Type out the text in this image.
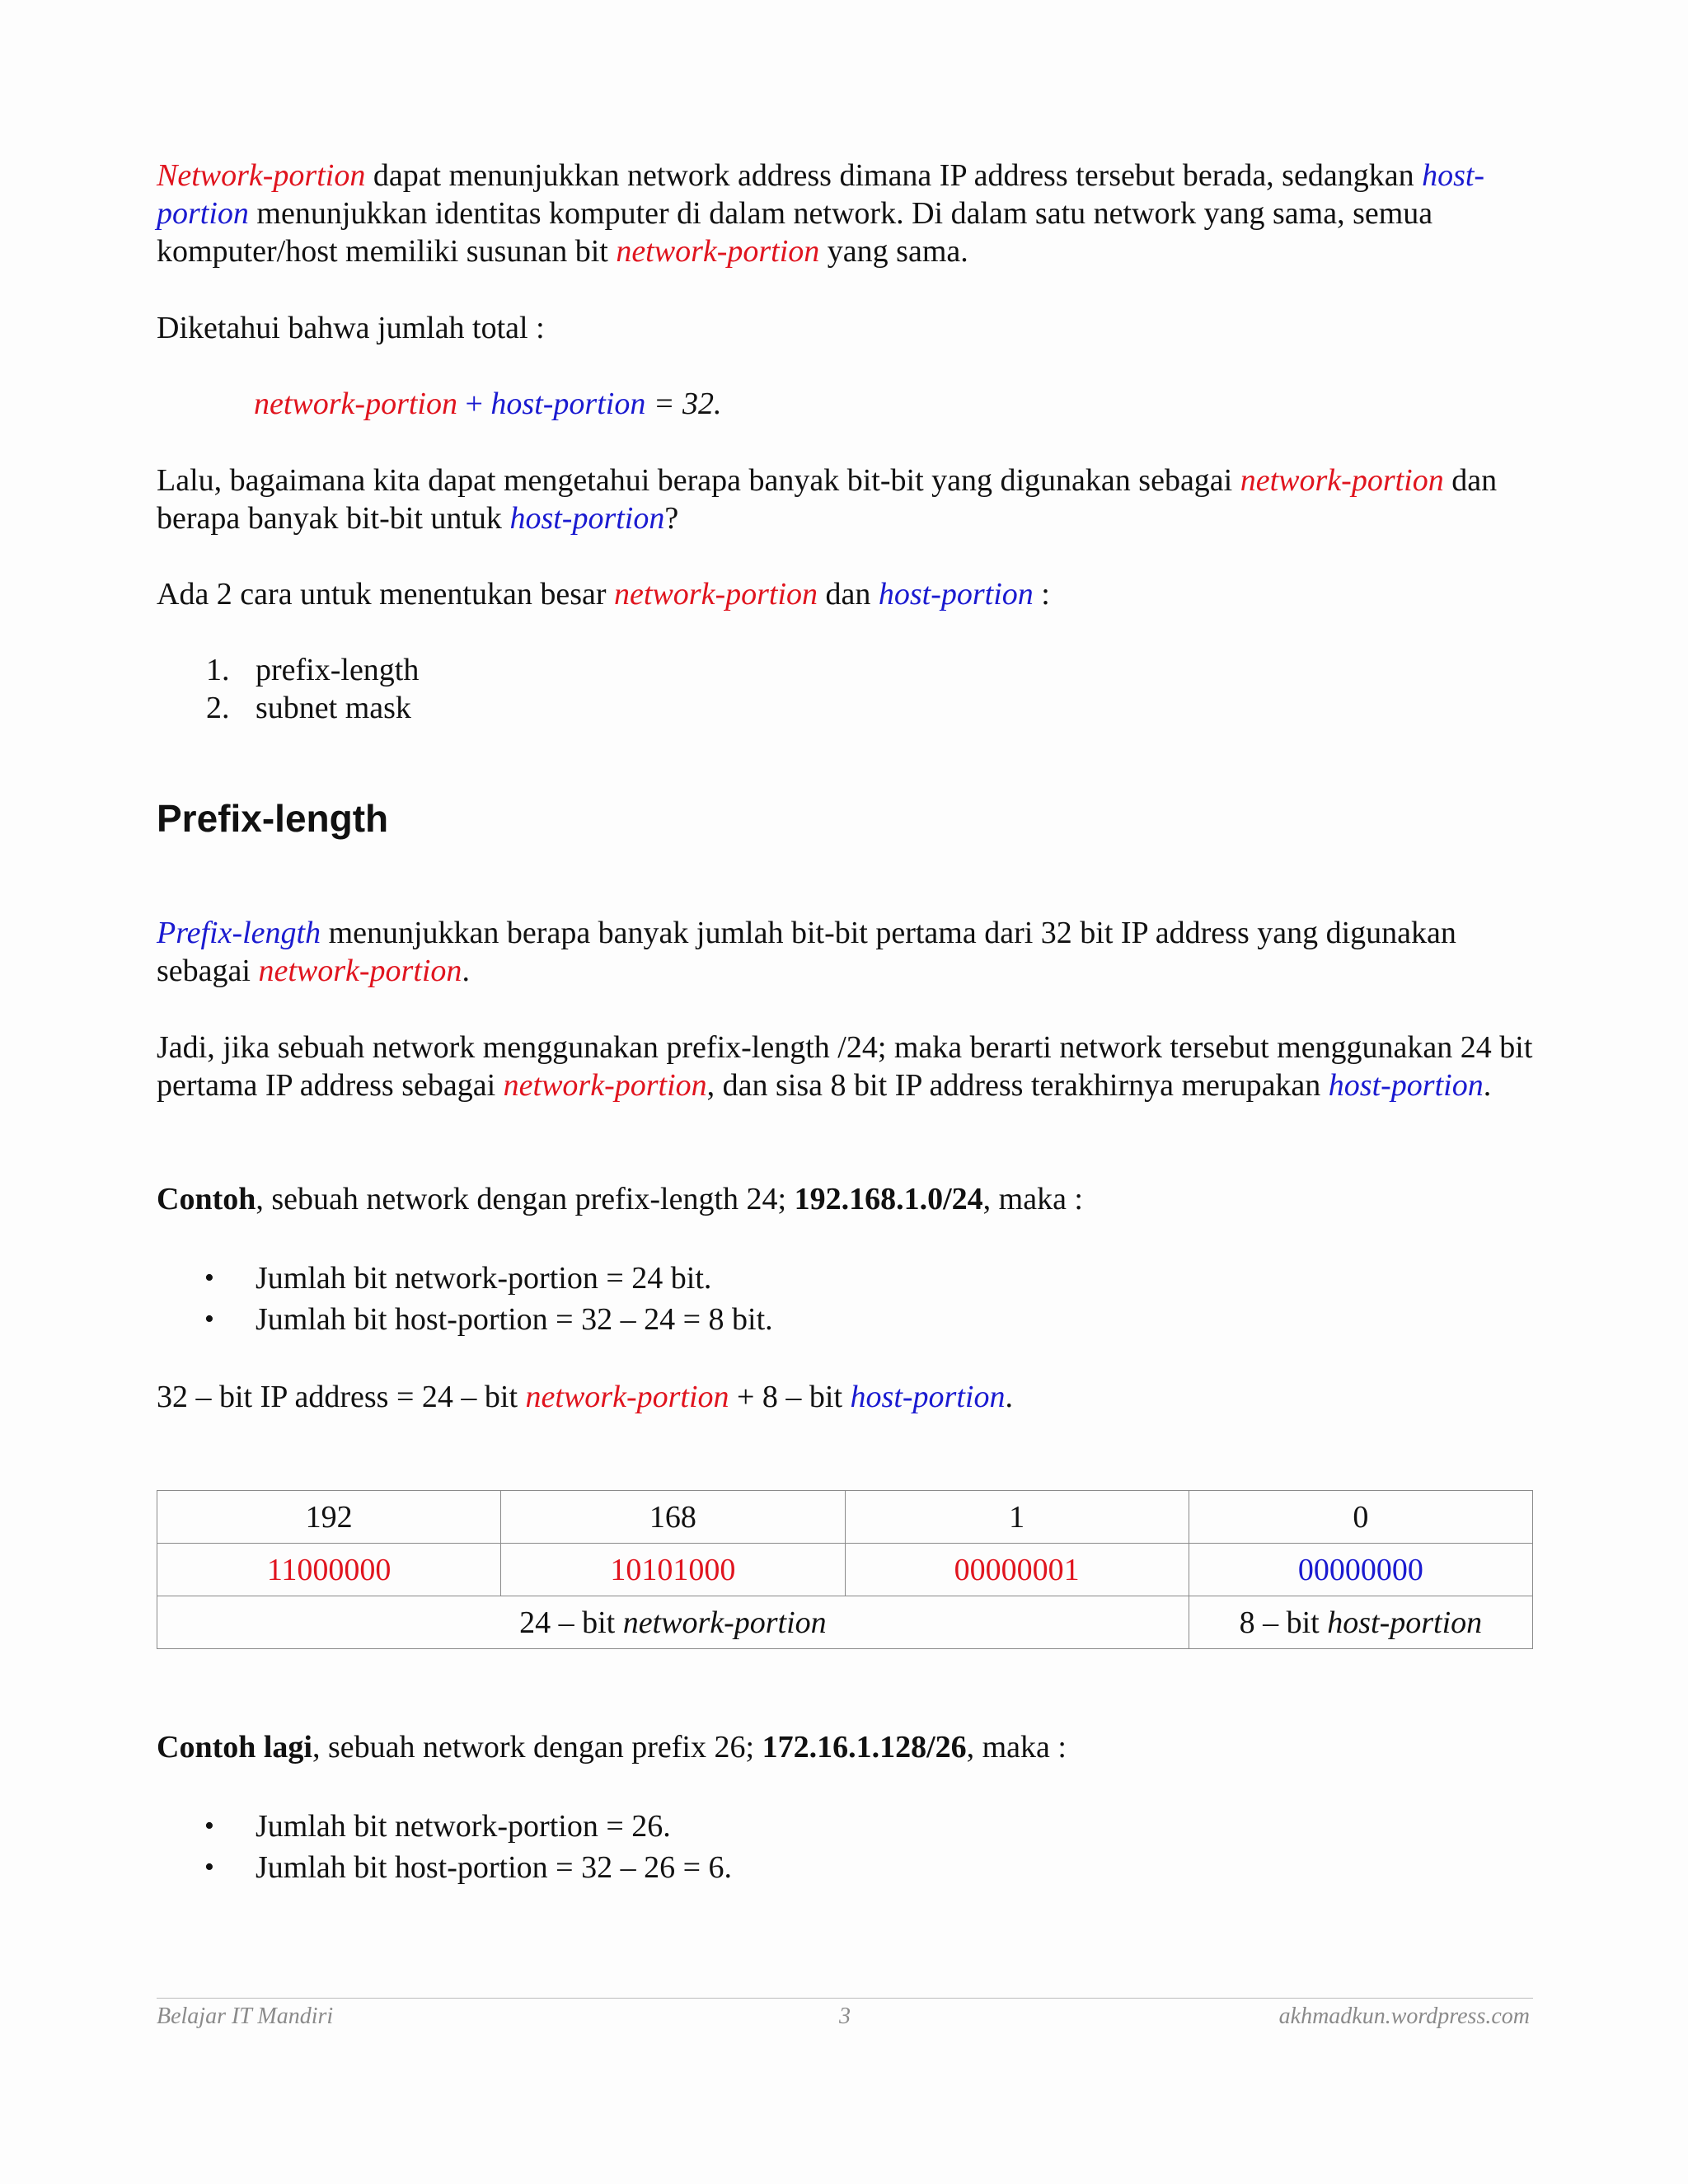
Network-portion dapat menunjukkan network address dimana IP address tersebut berada, sedangkan host-portion menunjukkan identitas komputer di dalam network. Di dalam satu network yang sama, semua komputer/host memiliki susunan bit network-portion yang sama.

Diketahui bahwa jumlah total :

network-portion + host-portion = 32.

Lalu, bagaimana kita dapat mengetahui berapa banyak bit-bit yang digunakan sebagai network-portion dan berapa banyak bit-bit untuk host-portion?

Ada 2 cara untuk menentukan besar network-portion dan host-portion :

1. prefix-length
2. subnet mask
Prefix-length

Prefix-length menunjukkan berapa banyak jumlah bit-bit pertama dari 32 bit IP address yang digunakan sebagai network-portion.

Jadi, jika sebuah network menggunakan prefix-length /24; maka berarti network tersebut menggunakan 24 bit pertama IP address sebagai network-portion, dan sisa 8 bit IP address terakhirnya merupakan host-portion.

Contoh, sebuah network dengan prefix-length 24; 192.168.1.0/24, maka :

• Jumlah bit network-portion = 24 bit.
• Jumlah bit host-portion = 32 – 24 = 8 bit.

32 – bit IP address = 24 – bit network-portion + 8 – bit host-portion.

192	168	1	0
11000000	10101000	00000001	00000000
24 – bit network-portion			8 – bit host-portion

Contoh lagi, sebuah network dengan prefix 26; 172.16.1.128/26, maka :

• Jumlah bit network-portion = 26.
• Jumlah bit host-portion = 32 – 26 = 6.
Belajar IT Mandiri	3	akhmadkun.wordpress.com
